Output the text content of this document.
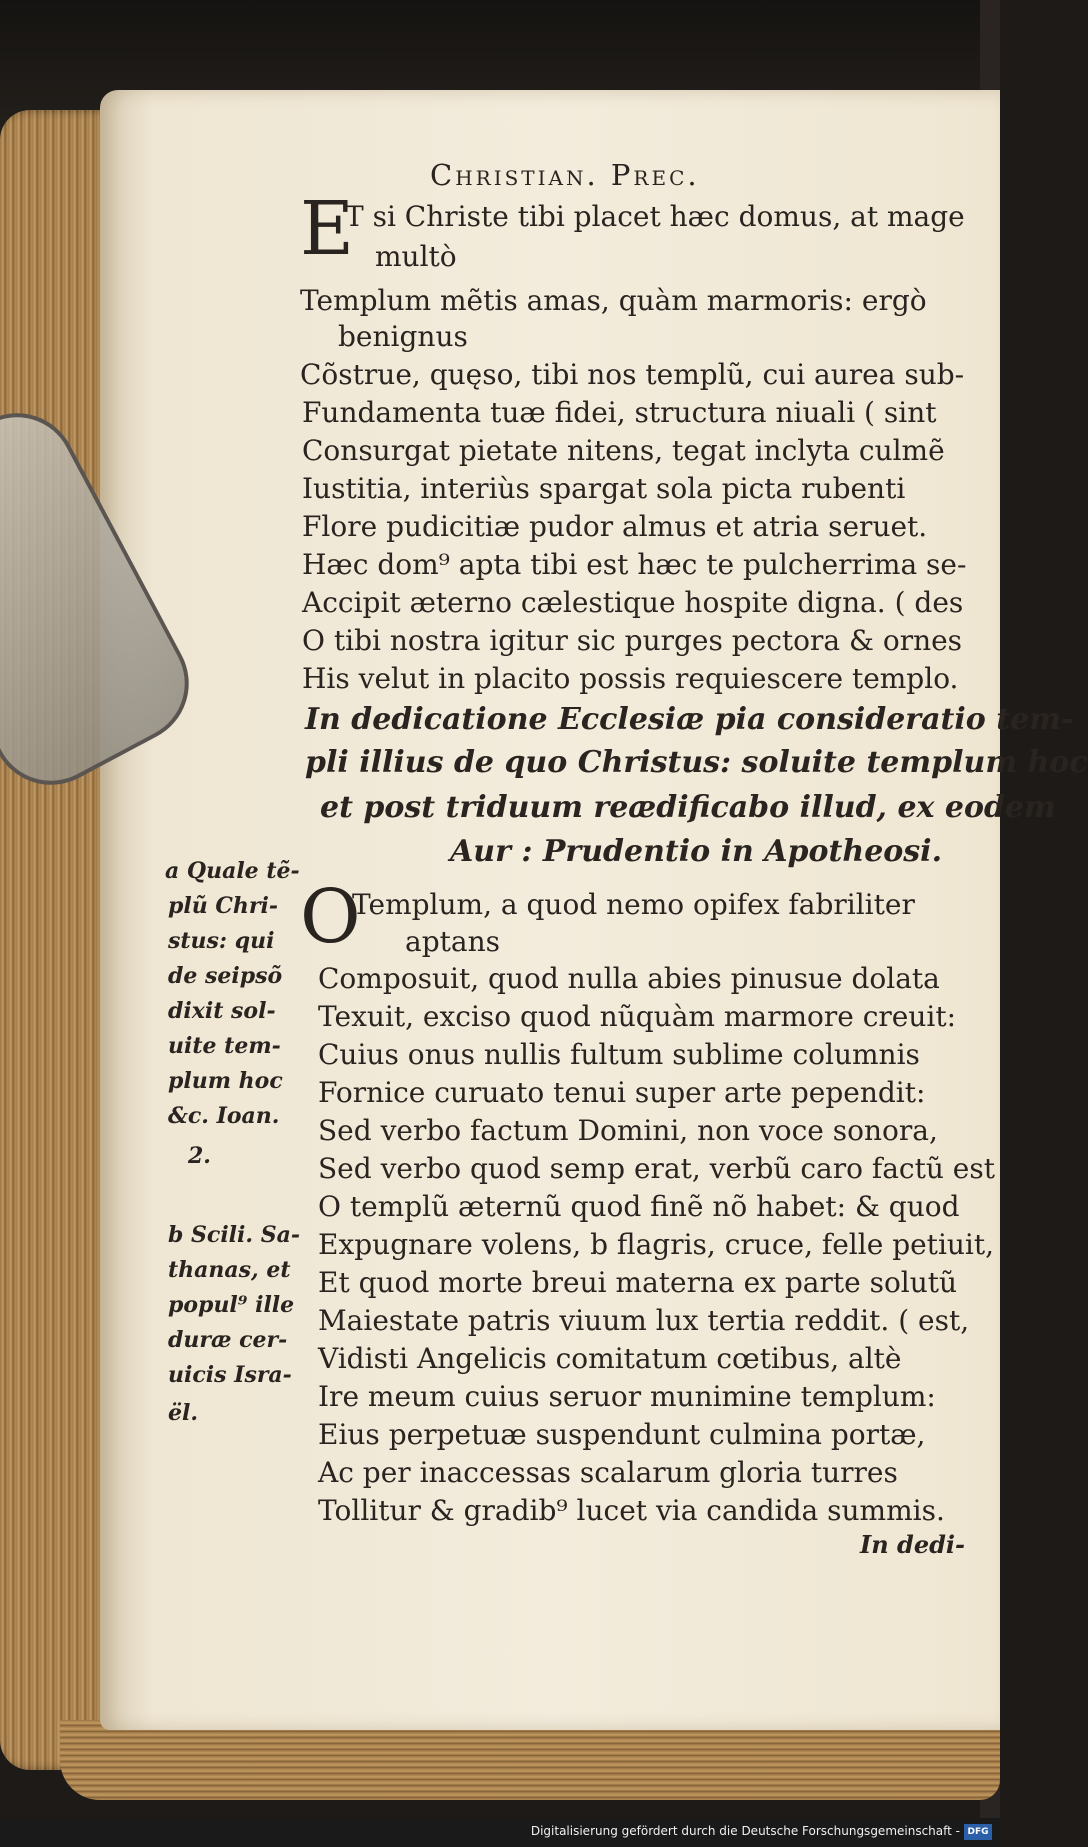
Christian. Prec.
E
T si Christe tibi placet hæc domus, at mage
multò
Templum mẽtis amas, quàm marmoris: ergò
benignus
Cõstrue, quęso, tibi nos templũ, cui aurea sub-
Fundamenta tuæ fidei, structura niuali ( sint
Consurgat pietate nitens, tegat inclyta culmẽ
Iustitia, interiùs spargat sola picta rubenti
Flore pudicitiæ pudor almus et atria seruet.
Hæc dom⁹ apta tibi est hæc te pulcherrima se-
Accipit æterno cælestique hospite digna. ( des
O tibi nostra igitur sic purges pectora & ornes
His velut in placito possis requiescere templo.
In dedicatione Ecclesiæ pia consideratio tem-
pli illius de quo Christus: soluite templum hoc
et post triduum reædificabo illud, ex eodem
Aur : Prudentio in Apotheosi.
O
Templum, a quod nemo opifex fabriliter
aptans
Composuit, quod nulla abies pinusue dolata
Texuit, exciso quod nũquàm marmore creuit:
Cuius onus nullis fultum sublime columnis
Fornice curuato tenui super arte pependit:
Sed verbo factum Domini, non voce sonora,
Sed verbo quod semp erat, verbũ caro factũ est
O templũ æternũ quod finẽ nõ habet: & quod
Expugnare volens, b flagris, cruce, felle petiuit,
Et quod morte breui materna ex parte solutũ
Maiestate patris viuum lux tertia reddit. ( est,
Vidisti Angelicis comitatum cœtibus, altè
Ire meum cuius seruor munimine templum:
Eius perpetuæ suspendunt culmina portæ,
Ac per inaccessas scalarum gloria turres
Tollitur & gradib⁹ lucet via candida summis.
a Quale tẽ-
plũ Chri-
stus: qui
de seipsõ
dixit sol-
uite tem-
plum hoc
&c. Ioan.
2.
b Scili. Sa-
thanas, et
popul⁹ ille
duræ cer-
uicis Isra-
ël.
In dedi-
Digitalisierung gefördert durch die Deutsche Forschungsgemeinschaft - DFG
